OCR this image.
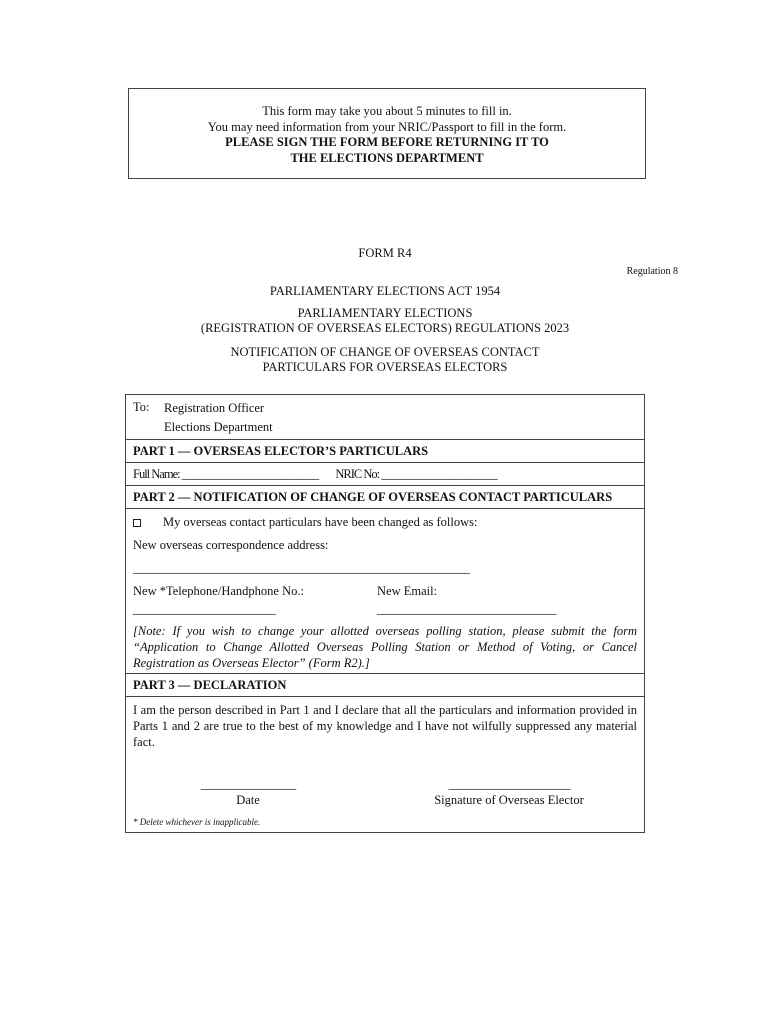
This form may take you about 5 minutes to fill in.
You may need information from your NRIC/Passport to fill in the form.
PLEASE SIGN THE FORM BEFORE RETURNING IT TO
THE ELECTIONS DEPARTMENT
FORM R4
Regulation 8
PARLIAMENTARY ELECTIONS ACT 1954
PARLIAMENTARY ELECTIONS
(REGISTRATION OF OVERSEAS ELECTORS) REGULATIONS 2023
NOTIFICATION OF CHANGE OF OVERSEAS CONTACT
PARTICULARS FOR OVERSEAS ELECTORS
To:	Registration Officer
Elections Department
PART 1 — OVERSEAS ELECTOR’S PARTICULARS
Full Name: __________________________ NRIC No: ______________________
PART 2 — NOTIFICATION OF CHANGE OF OVERSEAS CONTACT PARTICULARS
My overseas contact particulars have been changed as follows:
New overseas correspondence address:
________________________________________________________________
New *Telephone/Handphone No.:	New Email:
___________________________	__________________________________
[Note: If you wish to change your allotted overseas polling station, please submit the form “Application to Change Allotted Overseas Polling Station or Method of Voting, or Cancel Registration as Overseas Elector” (Form R2).]
PART 3 — DECLARATION
I am the person described in Part 1 and I declare that all the particulars and information provided in Parts 1 and 2 are true to the best of my knowledge and I have not wilfully suppressed any material fact.
__________________
Date
_______________________
Signature of Overseas Elector
* Delete whichever is inapplicable.
